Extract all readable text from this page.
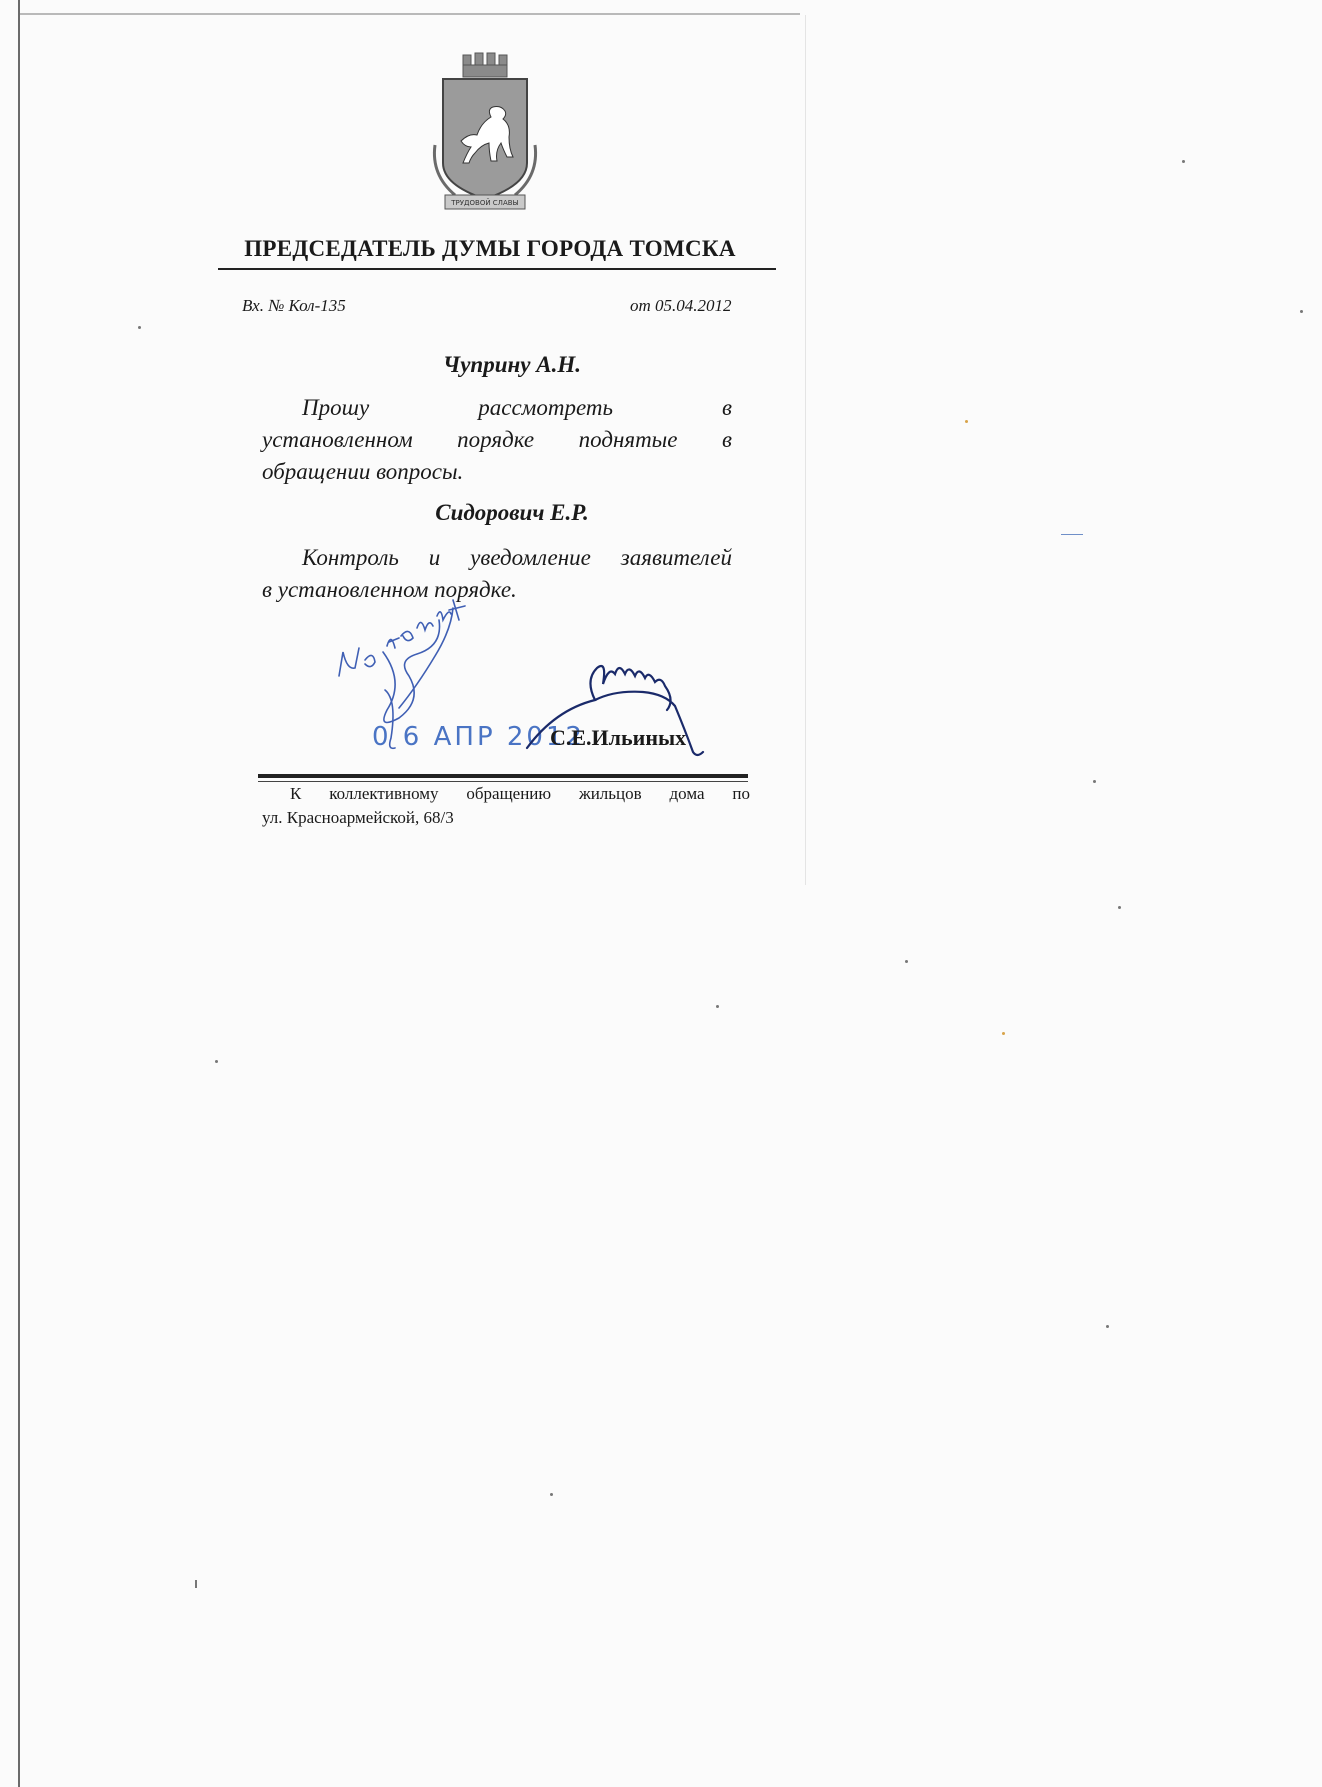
ТРУДОВОЙ СЛАВЫ
ПРЕДСЕДАТЕЛЬ ДУМЫ ГОРОДА ТОМСКА
Вх. № Кол-135	от 05.04.2012
Чуприну А.Н.
Прошу рассмотреть в
установленном порядке поднятые в
обращении вопросы.
Сидорович Е.Р.
Контроль и уведомление заявителей
в установленном порядке.
0 6 АПР 2012
С.Е.Ильиных
К коллективному обращению жильцов дома по
ул. Красноармейской, 68/3
